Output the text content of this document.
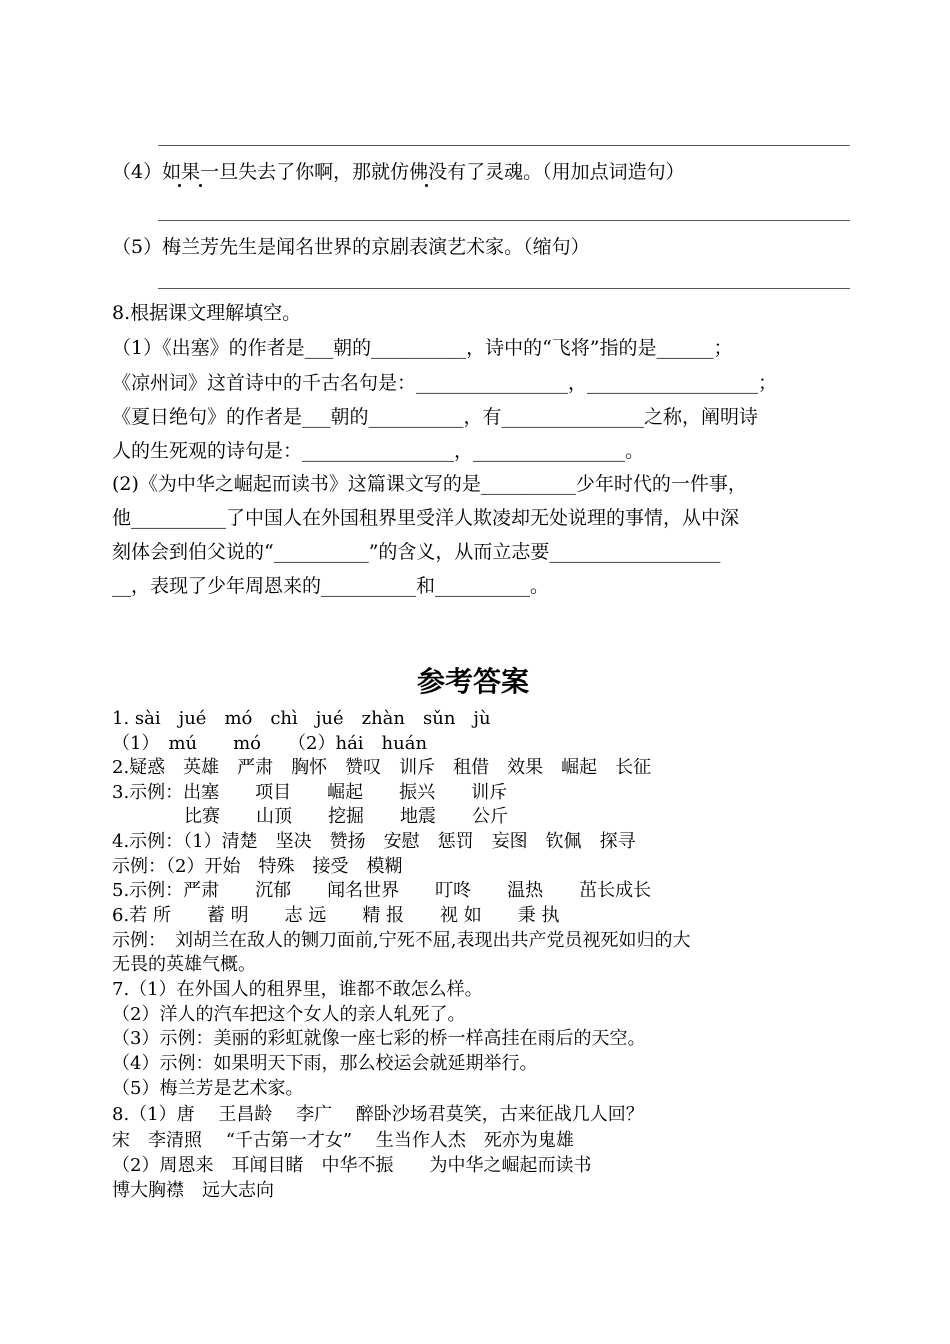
（4）如果一旦失去了你啊，那就仿佛没有了灵魂。（用加点词造句）
（5）梅兰芳先生是闻名世界的京剧表演艺术家。（缩句）
8.根据课文理解填空。
（1）《出塞》的作者是___朝的__________，诗中的“飞将”指的是______；
《凉州词》这首诗中的千古名句是：________________，__________________；
《夏日绝句》的作者是___朝的__________，有_______________之称，阐明诗
人的生死观的诗句是：________________，________________。
(2)《为中华之崛起而读书》这篇课文写的是__________少年时代的一件事，
他__________了中国人在外国租界里受洋人欺凌却无处说理的事情，从中深
刻体会到伯父说的“__________”的含义，从而立志要__________________
__，表现了少年周恩来的__________和__________。
参考答案
1. sài　jué　mó　chì　jué　zhàn　sǔn　jù
（1）　mú　　mó　　（2）hái　huán
2.疑惑　英雄　严肃　胸怀　赞叹　训斥　租借　效果　崛起　长征
3.示例：出塞　　项目　　崛起　　振兴　　训斥
　　　　比赛　　山顶　　挖掘　　地震　　公斤
4.示例：（1）清楚　坚决　赞扬　安慰　惩罚　妄图　钦佩　探寻
示例：（2）开始　特殊　接受　模糊
5.示例：严肃　　沉郁　　闻名世界　　叮咚　　温热　　茁长成长
6.若 所　　蓄 明　　志 远　　精 报　　视 如　　秉 执
示例：　刘胡兰在敌人的铡刀面前,宁死不屈,表现出共产党员视死如归的大
无畏的英雄气概。
7.（1）在外国人的租界里，谁都不敢怎么样。
（2）洋人的汽车把这个女人的亲人轧死了。
（3）示例：美丽的彩虹就像一座七彩的桥一样高挂在雨后的天空。
（4）示例：如果明天下雨，那么校运会就延期举行。
（5）梅兰芳是艺术家。
8.（1）唐　 王昌龄　 李广　 醉卧沙场君莫笑，古来征战几人回？
宋　李清照　 “千古第一才女”　 生当作人杰　死亦为鬼雄
（2）周恩来　耳闻目睹　中华不振　　为中华之崛起而读书
博大胸襟　远大志向
